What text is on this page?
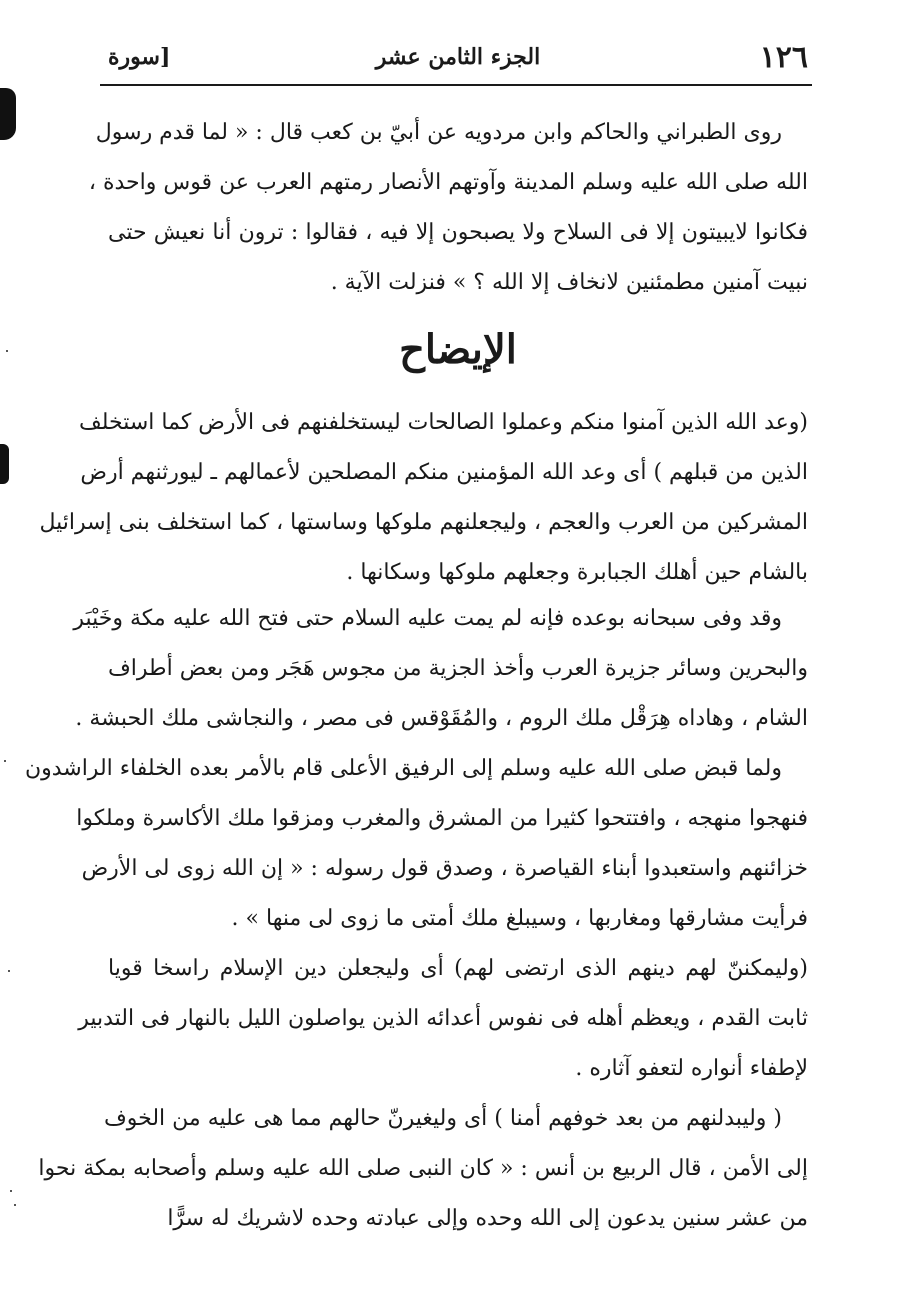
١٢٦
الجزء الثامن عشر
[سورة
روى الطبراني والحاكم وابن مردويه عن أبيّ بن كعب قال : « لما قدم رسول
الله صلى الله عليه وسلم المدينة وآوتهم الأنصار رمتهم العرب عن قوس واحدة ،
فكانوا لايبيتون إلا فى السلاح ولا يصبحون إلا فيه ، فقالوا : ترون أنا نعيش حتى
نبيت آمنين مطمئنين لانخاف إلا الله ؟ » فنزلت الآية .
الإيضاح
(وعد الله الذين آمنوا منكم وعملوا الصالحات ليستخلفنهم فى الأرض كما استخلف
الذين من قبلهم ) أى وعد الله المؤمنين منكم المصلحين لأعمالهم ـ ليورثنهم أرض
المشركين من العرب والعجم ، وليجعلنهم ملوكها وساستها ، كما استخلف بنى إسرائيل
بالشام حين أهلك الجبابرة وجعلهم ملوكها وسكانها .
وقد وفى سبحانه بوعده فإنه لم يمت عليه السلام حتى فتح الله عليه مكة وخَيْبَر
والبحرين وسائر جزيرة العرب وأخذ الجزية من مجوس هَجَر ومن بعض أطراف
الشام ، وهاداه هِرَقْل ملك الروم ، والمُقَوْقس فى مصر ، والنجاشى ملك الحبشة .
ولما قبض صلى الله عليه وسلم إلى الرفيق الأعلى قام بالأمر بعده الخلفاء الراشدون
فنهجوا منهجه ، وافتتحوا كثيرا من المشرق والمغرب ومزقوا ملك الأكاسرة وملكوا
خزائنهم واستعبدوا أبناء القياصرة ، وصدق قول رسوله : « إن الله زوى لى الأرض
فرأيت مشارقها ومغاربها ، وسيبلغ ملك أمتى ما زوى لى منها » .
(وليمكننّ لهم دينهم الذى ارتضى لهم) أى وليجعلن دين الإسلام راسخا قويا
ثابت القدم ، ويعظم أهله فى نفوس أعدائه الذين يواصلون الليل بالنهار فى التدبير
لإطفاء أنواره لتعفو آثاره .
( وليبدلنهم من بعد خوفهم أمنا ) أى وليغيرنّ حالهم مما هى عليه من الخوف
إلى الأمن ، قال الربيع بن أنس : « كان النبى صلى الله عليه وسلم وأصحابه بمكة نحوا
من عشر سنين يدعون إلى الله وحده وإلى عبادته وحده لاشريك له سرًّا
